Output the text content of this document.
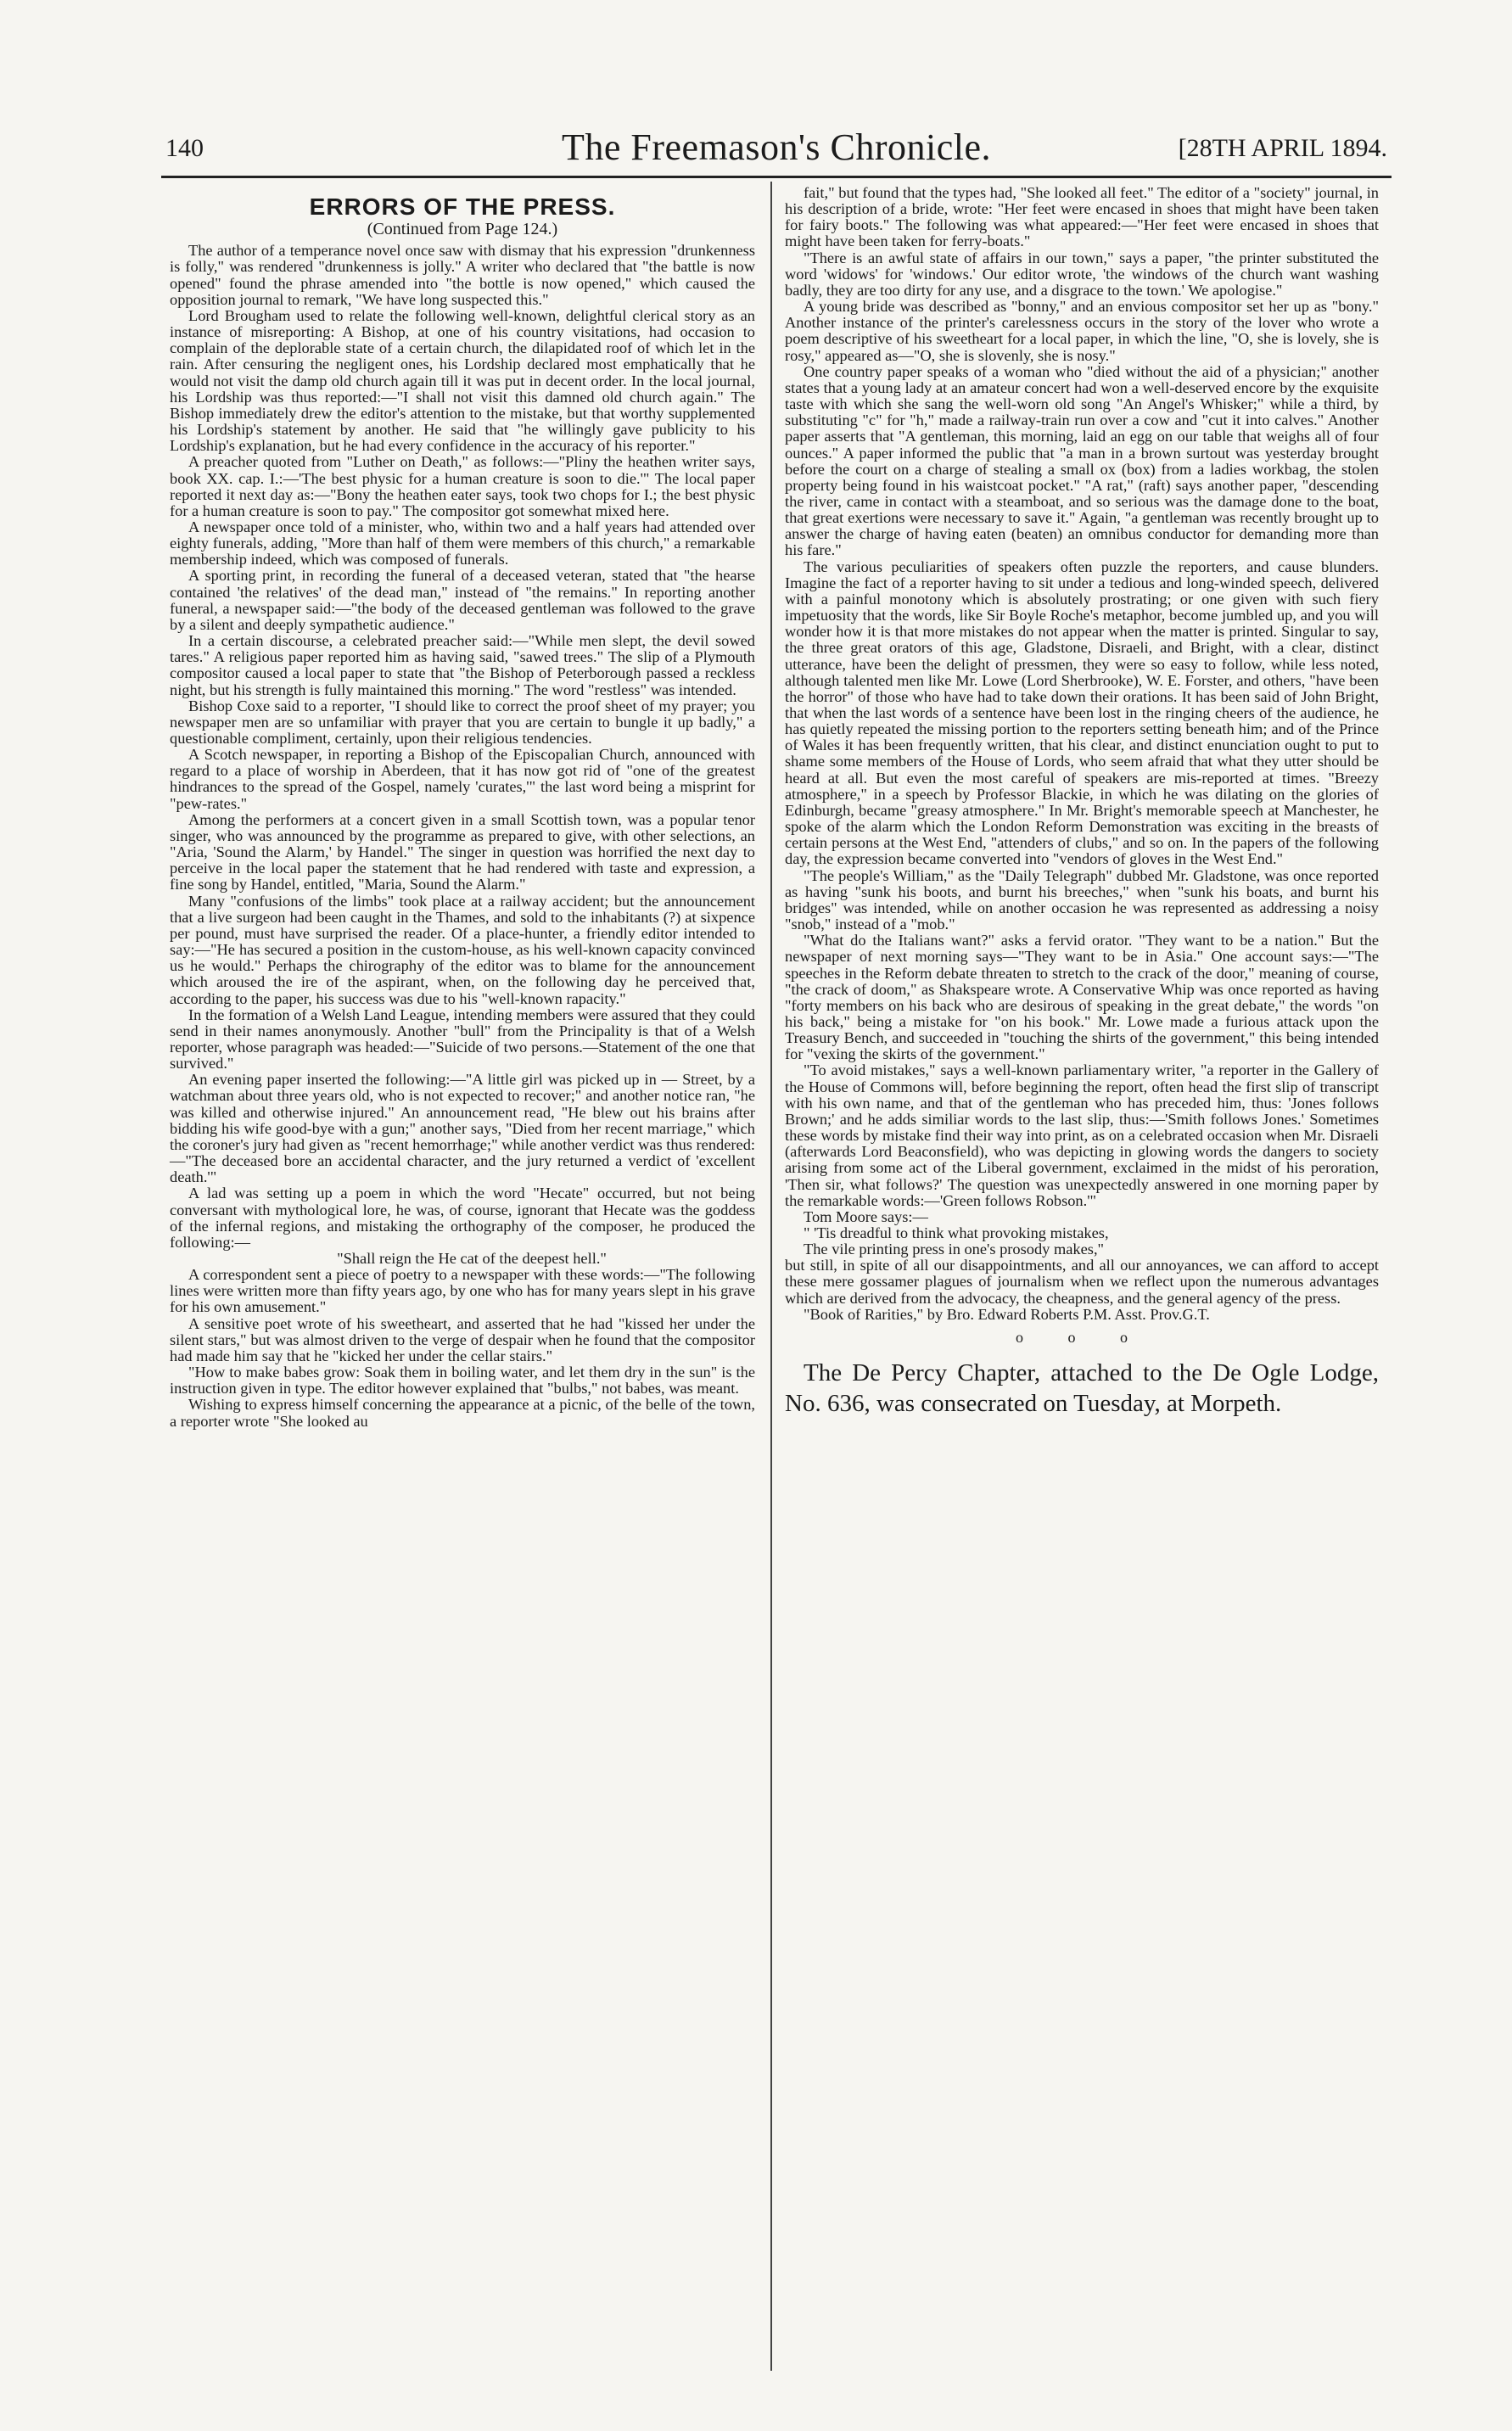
140	The Freemason's Chronicle.	[28TH APRIL 1894.
ERRORS OF THE PRESS.
(Continued from Page 124.)

The author of a temperance novel once saw with dismay that his expression "drunkenness is folly," was rendered "drunkenness is jolly." A writer who declared that "the battle is now opened" found the phrase amended into "the bottle is now opened," which caused the opposition journal to remark, "We have long suspected this."

Lord Brougham used to relate the following well-known, delightful clerical story as an instance of misreporting: A Bishop, at one of his country visitations, had occasion to complain of the deplorable state of a certain church, the dilapidated roof of which let in the rain. After censuring the negligent ones, his Lordship declared most emphatically that he would not visit the damp old church again till it was put in decent order. In the local journal, his Lordship was thus reported:—"I shall not visit this damned old church again." The Bishop immediately drew the editor's attention to the mistake, but that worthy supplemented his Lordship's statement by another. He said that "he willingly gave publicity to his Lordship's explanation, but he had every confidence in the accuracy of his reporter."

A preacher quoted from "Luther on Death," as follows:—"Pliny the heathen writer says, book XX. cap. I.:—'The best physic for a human creature is soon to die.'" The local paper reported it next day as:—"Bony the heathen eater says, took two chops for I.; the best physic for a human creature is soon to pay." The compositor got somewhat mixed here.

A newspaper once told of a minister, who, within two and a half years had attended over eighty funerals, adding, "More than half of them were members of this church," a remarkable membership indeed, which was composed of funerals.

A sporting print, in recording the funeral of a deceased veteran, stated that "the hearse contained 'the relatives' of the dead man," instead of "the remains." In reporting another funeral, a newspaper said:—"the body of the deceased gentleman was followed to the grave by a silent and deeply sympathetic audience."

In a certain discourse, a celebrated preacher said:—"While men slept, the devil sowed tares." A religious paper reported him as having said, "sawed trees." The slip of a Plymouth compositor caused a local paper to state that "the Bishop of Peterborough passed a reckless night, but his strength is fully maintained this morning." The word "restless" was intended.

Bishop Coxe said to a reporter, "I should like to correct the proof sheet of my prayer; you newspaper men are so unfamiliar with prayer that you are certain to bungle it up badly," a questionable compliment, certainly, upon their religious tendencies.

A Scotch newspaper, in reporting a Bishop of the Episcopalian Church, announced with regard to a place of worship in Aberdeen, that it has now got rid of "one of the greatest hindrances to the spread of the Gospel, namely 'curates,'" the last word being a misprint for "pew-rates."

Among the performers at a concert given in a small Scottish town, was a popular tenor singer, who was announced by the programme as prepared to give, with other selections, an "Aria, 'Sound the Alarm,' by Handel." The singer in question was horrified the next day to perceive in the local paper the statement that he had rendered with taste and expression, a fine song by Handel, entitled, "Maria, Sound the Alarm."

Many "confusions of the limbs" took place at a railway accident; but the announcement that a live surgeon had been caught in the Thames, and sold to the inhabitants (?) at sixpence per pound, must have surprised the reader. Of a place-hunter, a friendly editor intended to say:—"He has secured a position in the custom-house, as his well-known capacity convinced us he would." Perhaps the chirography of the editor was to blame for the announcement which aroused the ire of the aspirant, when, on the following day he perceived that, according to the paper, his success was due to his "well-known rapacity."

In the formation of a Welsh Land League, intending members were assured that they could send in their names anonymously. Another "bull" from the Principality is that of a Welsh reporter, whose paragraph was headed:—"Suicide of two persons.—Statement of the one that survived."

An evening paper inserted the following:—"A little girl was picked up in — Street, by a watchman about three years old, who is not expected to recover;" and another notice ran, "he was killed and otherwise injured." An announcement read, "He blew out his brains after bidding his wife good-bye with a gun;" another says, "Died from her recent marriage," which the coroner's jury had given as "recent hemorrhage;" while another verdict was thus rendered:—"The deceased bore an accidental character, and the jury returned a verdict of 'excellent death.'"

A lad was setting up a poem in which the word "Hecate" occurred, but not being conversant with mythological lore, he was, of course, ignorant that Hecate was the goddess of the infernal regions, and mistaking the orthography of the composer, he produced the following:—

"Shall reign the He cat of the deepest hell."

A correspondent sent a piece of poetry to a newspaper with these words:—"The following lines were written more than fifty years ago, by one who has for many years slept in his grave for his own amusement."

A sensitive poet wrote of his sweetheart, and asserted that he had "kissed her under the silent stars," but was almost driven to the verge of despair when he found that the compositor had made him say that he "kicked her under the cellar stairs."

"How to make babes grow: Soak them in boiling water, and let them dry in the sun" is the instruction given in type. The editor however explained that "bulbs," not babes, was meant.

Wishing to express himself concerning the appearance at a picnic, of the belle of the town, a reporter wrote "She looked au

fait," but found that the types had, "She looked all feet." The editor of a "society" journal, in his description of a bride, wrote: "Her feet were encased in shoes that might have been taken for fairy boots." The following was what appeared:—"Her feet were encased in shoes that might have been taken for ferry-boats."

"There is an awful state of affairs in our town," says a paper, "the printer substituted the word 'widows' for 'windows.' Our editor wrote, 'the windows of the church want washing badly, they are too dirty for any use, and a disgrace to the town.' We apologise."

A young bride was described as "bonny," and an envious compositor set her up as "bony." Another instance of the printer's carelessness occurs in the story of the lover who wrote a poem descriptive of his sweetheart for a local paper, in which the line, "O, she is lovely, she is rosy," appeared as—"O, she is slovenly, she is nosy."

One country paper speaks of a woman who "died without the aid of a physician;" another states that a young lady at an amateur concert had won a well-deserved encore by the exquisite taste with which she sang the well-worn old song "An Angel's Whisker;" while a third, by substituting "c" for "h," made a railway-train run over a cow and "cut it into calves." Another paper asserts that "A gentleman, this morning, laid an egg on our table that weighs all of four ounces." A paper informed the public that "a man in a brown surtout was yesterday brought before the court on a charge of stealing a small ox (box) from a ladies workbag, the stolen property being found in his waistcoat pocket." "A rat," (raft) says another paper, "descending the river, came in contact with a steamboat, and so serious was the damage done to the boat, that great exertions were necessary to save it." Again, "a gentleman was recently brought up to answer the charge of having eaten (beaten) an omnibus conductor for demanding more than his fare."

The various peculiarities of speakers often puzzle the reporters, and cause blunders. Imagine the fact of a reporter having to sit under a tedious and long-winded speech, delivered with a painful monotony which is absolutely prostrating; or one given with such fiery impetuosity that the words, like Sir Boyle Roche's metaphor, become jumbled up, and you will wonder how it is that more mistakes do not appear when the matter is printed. Singular to say, the three great orators of this age, Gladstone, Disraeli, and Bright, with a clear, distinct utterance, have been the delight of pressmen, they were so easy to follow, while less noted, although talented men like Mr. Lowe (Lord Sherbrooke), W. E. Forster, and others, "have been the horror" of those who have had to take down their orations. It has been said of John Bright, that when the last words of a sentence have been lost in the ringing cheers of the audience, he has quietly repeated the missing portion to the reporters setting beneath him; and of the Prince of Wales it has been frequently written, that his clear, and distinct enunciation ought to put to shame some members of the House of Lords, who seem afraid that what they utter should be heard at all. But even the most careful of speakers are mis-reported at times. "Breezy atmosphere," in a speech by Professor Blackie, in which he was dilating on the glories of Edinburgh, became "greasy atmosphere." In Mr. Bright's memorable speech at Manchester, he spoke of the alarm which the London Reform Demonstration was exciting in the breasts of certain persons at the West End, "attenders of clubs," and so on. In the papers of the following day, the expression became converted into "vendors of gloves in the West End."

"The people's William," as the "Daily Telegraph" dubbed Mr. Gladstone, was once reported as having "sunk his boots, and burnt his breeches," when "sunk his boats, and burnt his bridges" was intended, while on another occasion he was represented as addressing a noisy "snob," instead of a "mob."

"What do the Italians want?" asks a fervid orator. "They want to be a nation." But the newspaper of next morning says—"They want to be in Asia." One account says:—"The speeches in the Reform debate threaten to stretch to the crack of the door," meaning of course, "the crack of doom," as Shakspeare wrote. A Conservative Whip was once reported as having "forty members on his back who are desirous of speaking in the great debate," the words "on his back," being a mistake for "on his book." Mr. Lowe made a furious attack upon the Treasury Bench, and succeeded in "touching the shirts of the government," this being intended for "vexing the skirts of the government."

"To avoid mistakes," says a well-known parliamentary writer, "a reporter in the Gallery of the House of Commons will, before beginning the report, often head the first slip of transcript with his own name, and that of the gentleman who has preceded him, thus: 'Jones follows Brown;' and he adds similiar words to the last slip, thus:—'Smith follows Jones.' Sometimes these words by mistake find their way into print, as on a celebrated occasion when Mr. Disraeli (afterwards Lord Beaconsfield), who was depicting in glowing words the dangers to society arising from some act of the Liberal government, exclaimed in the midst of his peroration, 'Then sir, what follows?' The question was unexpectedly answered in one morning paper by the remarkable words:—'Green follows Robson.'"

Tom Moore says:—

" 'Tis dreadful to think what provoking mistakes,

The vile printing press in one's prosody makes,"

but still, in spite of all our disappointments, and all our annoyances, we can afford to accept these mere gossamer plagues of journalism when we reflect upon the numerous advantages which are derived from the advocacy, the cheapness, and the general agency of the press.

"Book of Rarities," by Bro. Edward Roberts P.M. Asst. Prov.G.T.

o o o

The De Percy Chapter, attached to the De Ogle Lodge, No. 636, was consecrated on Tuesday, at Morpeth.
